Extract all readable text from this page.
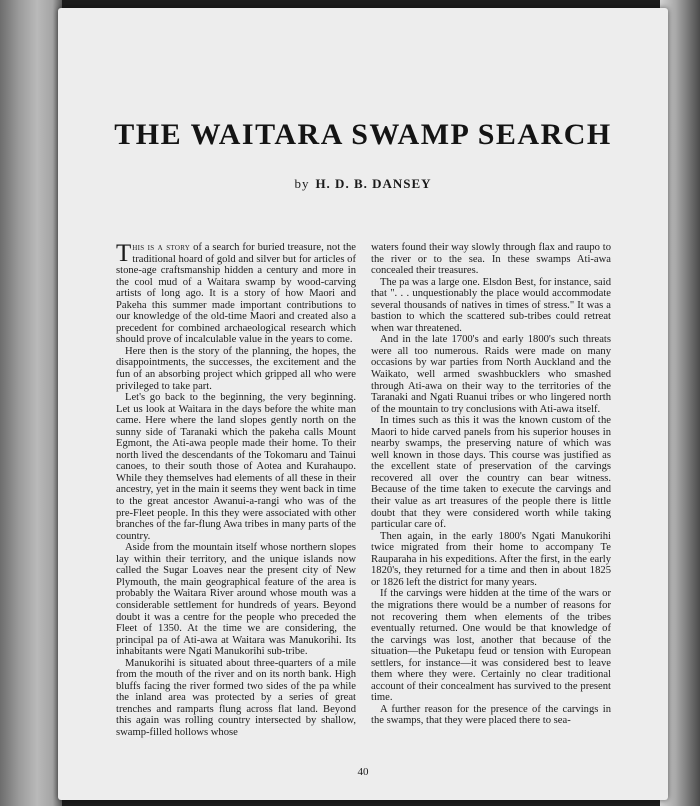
THE WAITARA SWAMP SEARCH
by H. D. B. DANSEY

This is a story of a search for buried treasure, not the traditional hoard of gold and silver but for articles of stone-age craftsmanship hidden a century and more in the cool mud of a Waitara swamp by wood-carving artists of long ago. It is a story of how Maori and Pakeha this summer made important contributions to our knowledge of the old-time Maori and created also a precedent for combined archaeological research which should prove of incalculable value in the years to come.

Here then is the story of the planning, the hopes, the disappointments, the successes, the excitement and the fun of an absorbing project which gripped all who were privileged to take part.

Let's go back to the beginning, the very beginning. Let us look at Waitara in the days before the white man came. Here where the land slopes gently north on the sunny side of Taranaki which the pakeha calls Mount Egmont, the Ati-awa people made their home. To their north lived the descendants of the Tokomaru and Tainui canoes, to their south those of Aotea and Kurahaupo. While they themselves had elements of all these in their ancestry, yet in the main it seems they went back in time to the great ancestor Awanui-a-rangi who was of the pre-Fleet people. In this they were associated with other branches of the far-flung Awa tribes in many parts of the country.

Aside from the mountain itself whose northern slopes lay within their territory, and the unique islands now called the Sugar Loaves near the present city of New Plymouth, the main geographical feature of the area is probably the Waitara River around whose mouth was a considerable settlement for hundreds of years. Beyond doubt it was a centre for the people who preceded the Fleet of 1350. At the time we are considering, the principal pa of Ati-awa at Waitara was Manukorihi. Its inhabitants were Ngati Manukorihi sub-tribe.

Manukorihi is situated about three-quarters of a mile from the mouth of the river and on its north bank. High bluffs facing the river formed two sides of the pa while the inland area was protected by a series of great trenches and ramparts flung across flat land. Beyond this again was rolling country intersected by shallow, swamp-filled hollows whose

waters found their way slowly through flax and raupo to the river or to the sea. In these swamps Ati-awa concealed their treasures.

The pa was a large one. Elsdon Best, for instance, said that ". . . unquestionably the place would accommodate several thousands of natives in times of stress." It was a bastion to which the scattered sub-tribes could retreat when war threatened.

And in the late 1700's and early 1800's such threats were all too numerous. Raids were made on many occasions by war parties from North Auckland and the Waikato, well armed swashbucklers who smashed through Ati-awa on their way to the territories of the Taranaki and Ngati Ruanui tribes or who lingered north of the mountain to try conclusions with Ati-awa itself.

In times such as this it was the known custom of the Maori to hide carved panels from his superior houses in nearby swamps, the preserving nature of which was well known in those days. This course was justified as the excellent state of preservation of the carvings recovered all over the country can bear witness. Because of the time taken to execute the carvings and their value as art treasures of the people there is little doubt that they were considered worth while taking particular care of.

Then again, in the early 1800's Ngati Manukorihi twice migrated from their home to accompany Te Rauparaha in his expeditions. After the first, in the early 1820's, they returned for a time and then in about 1825 or 1826 left the district for many years.

If the carvings were hidden at the time of the wars or the migrations there would be a number of reasons for not recovering them when elements of the tribes eventually returned. One would be that knowledge of the carvings was lost, another that because of the situation—the Puketapu feud or tension with European settlers, for instance—it was considered best to leave them where they were. Certainly no clear traditional account of their concealment has survived to the present time.

A further reason for the presence of the carvings in the swamps, that they were placed there to sea-

40
